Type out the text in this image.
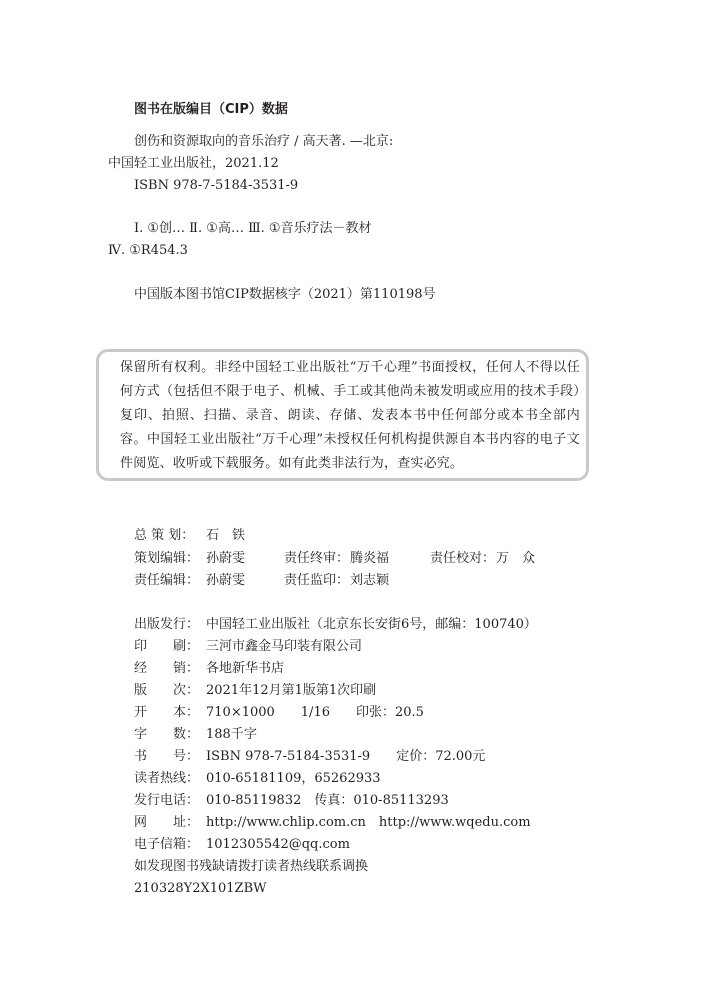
图书在版编目（CIP）数据
创伤和资源取向的音乐治疗 / 高天著. —北京:
中国轻工业出版社，2021.12
ISBN 978-7-5184-3531-9
Ⅰ. ①创… Ⅱ. ①高… Ⅲ. ①音乐疗法－教材
Ⅳ. ①R454.3
中国版本图书馆CIP数据核字（2021）第110198号
保留所有权利。非经中国轻工业出版社“万千心理”书面授权，任何人不得以任何方式（包括但不限于电子、机械、手工或其他尚未被发明或应用的技术手段）复印、拍照、扫描、录音、朗读、存储、发表本书中任何部分或本书全部内容。中国轻工业出版社“万千心理”未授权任何机构提供源自本书内容的电子文件阅览、收听或下载服务。如有此类非法行为，查实必究。
总 策 划： 石　铁
策划编辑： 孙蔚雯	责任终审： 腾炎福	责任校对： 万　众
责任编辑： 孙蔚雯	责任监印： 刘志颖
出版发行： 中国轻工业出版社（北京东长安街6号，邮编：100740）
印　　刷： 三河市鑫金马印装有限公司
经　　销： 各地新华书店
版　　次： 2021年12月第1版第1次印刷
开　　本： 710×1000　　1/16　　印张：20.5
字　　数： 188千字
书　　号： ISBN 978-7-5184-3531-9　　定价：72.00元
读者热线： 010-65181109，65262933
发行电话： 010-85119832　传真：010-85113293
网　　址： http://www.chlip.com.cn　http://www.wqedu.com
电子信箱： 1012305542@qq.com
如发现图书残缺请拨打读者热线联系调换
210328Y2X101ZBW
